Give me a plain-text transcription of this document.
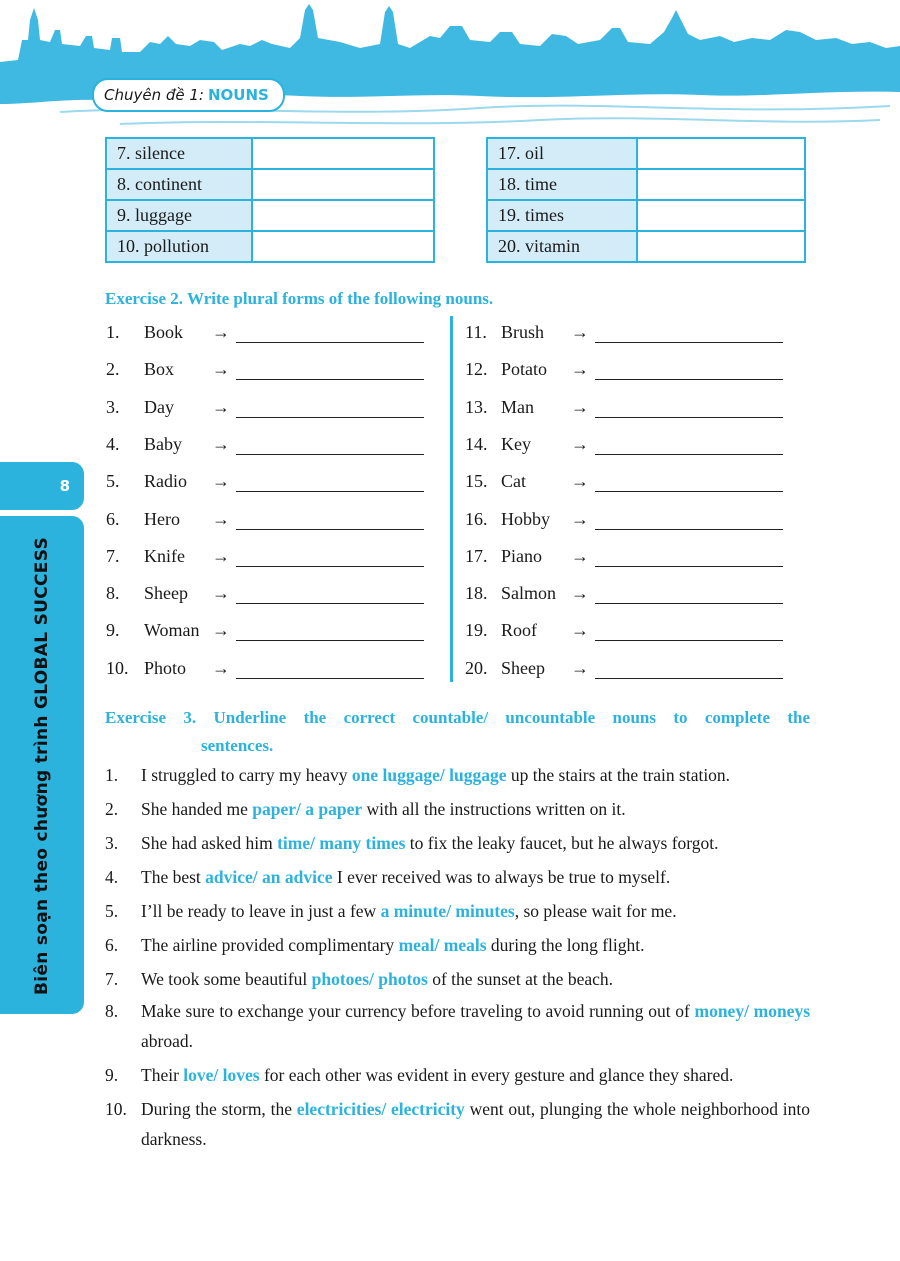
Chuyên đề 1: NOUNS
8
Biên soạn theo chương trình GLOBAL SUCCESS
7. silence	
8. continent	
9. luggage	
10. pollution	
17. oil	
18. time	
19. times	
20. vitamin	
Exercise 2. Write plural forms of the following nouns.
Exercise 3. Underline the correct countable/ uncountable nouns to complete the
sentences.
1.	Book	→
2.	Box	→
3.	Day	→
4.	Baby	→
5.	Radio	→
6.	Hero	→
7.	Knife	→
8.	Sheep	→
9.	Woman →
10. Photo	→
11. Brush	→
12. Potato	→
13. Man	→
14. Key	→
15. Cat	→
16. Hobby	→
17. Piano	→
18. Salmon →
19. Roof	→
20. Sheep	→
1.	I struggled to carry my heavy one luggage/ luggage up the stairs at the train station.
2.	She handed me paper/ a paper with all the instructions written on it.
3.	She had asked him time/ many times to fix the leaky faucet, but he always forgot.
4.	The best advice/ an advice I ever received was to always be true to myself.
5.	I’ll be ready to leave in just a few a minute/ minutes, so please wait for me.
6.	The airline provided complimentary meal/ meals during the long flight.
7.	We took some beautiful photoes/ photos of the sunset at the beach.
8.	Make sure to exchange your currency before traveling to avoid running out of money/ moneys abroad.
9.	Their love/ loves for each other was evident in every gesture and glance they shared.
10. During the storm, the electricities/ electricity went out, plunging the whole neighborhood into darkness.
